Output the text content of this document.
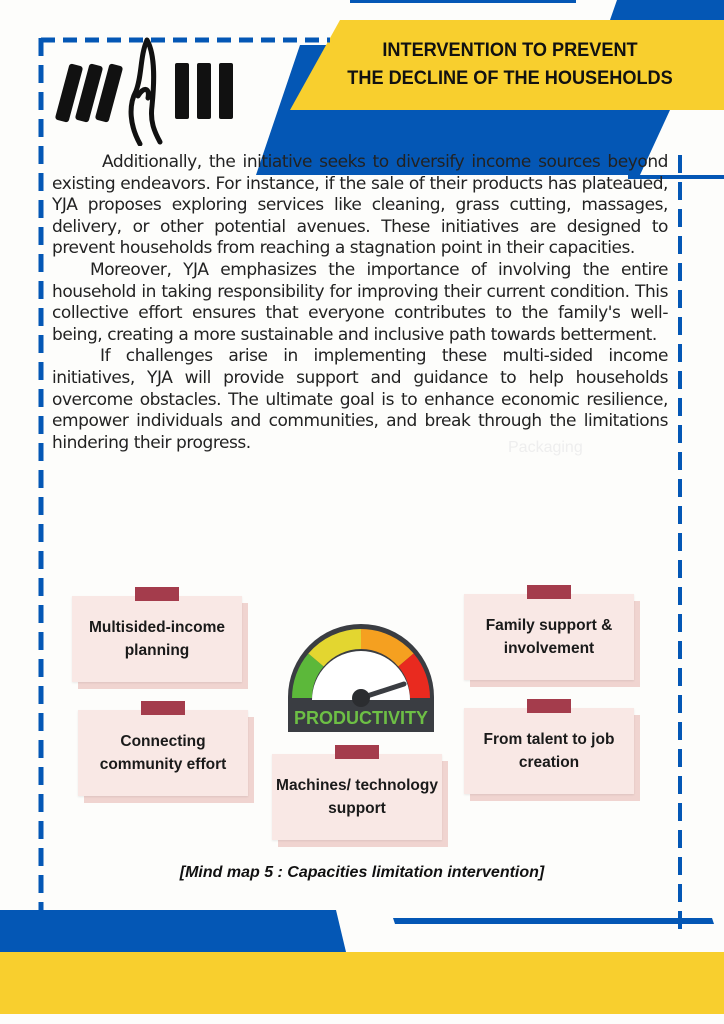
INTERVENTION TO PREVENT
THE DECLINE OF THE HOUSEHOLDS

Additionally, the initiative seeks to diversify income sources beyond existing endeavors. For instance, if the sale of their products has plateaued, YJA proposes exploring services like cleaning, grass cutting, massages, delivery, or other potential avenues. These initiatives are designed to prevent households from reaching a stagnation point in their capacities.

Moreover, YJA emphasizes the importance of involving the entire household in taking responsibility for improving their current condition. This collective effort ensures that everyone contributes to the family's well-being, creating a more sustainable and inclusive path towards betterment.

If challenges arise in implementing these multi-sided income initiatives, YJA will provide support and guidance to help households overcome obstacles. The ultimate goal is to enhance economic resilience, empower individuals and communities, and break through the limitations hindering their progress.	Packaging
Multisided-income planning
Connecting community effort
Machines/ technology support
Family support & involvement
From talent to job creation
PRODUCTIVITY
[Mind map 5 : Capacities limitation intervention]
